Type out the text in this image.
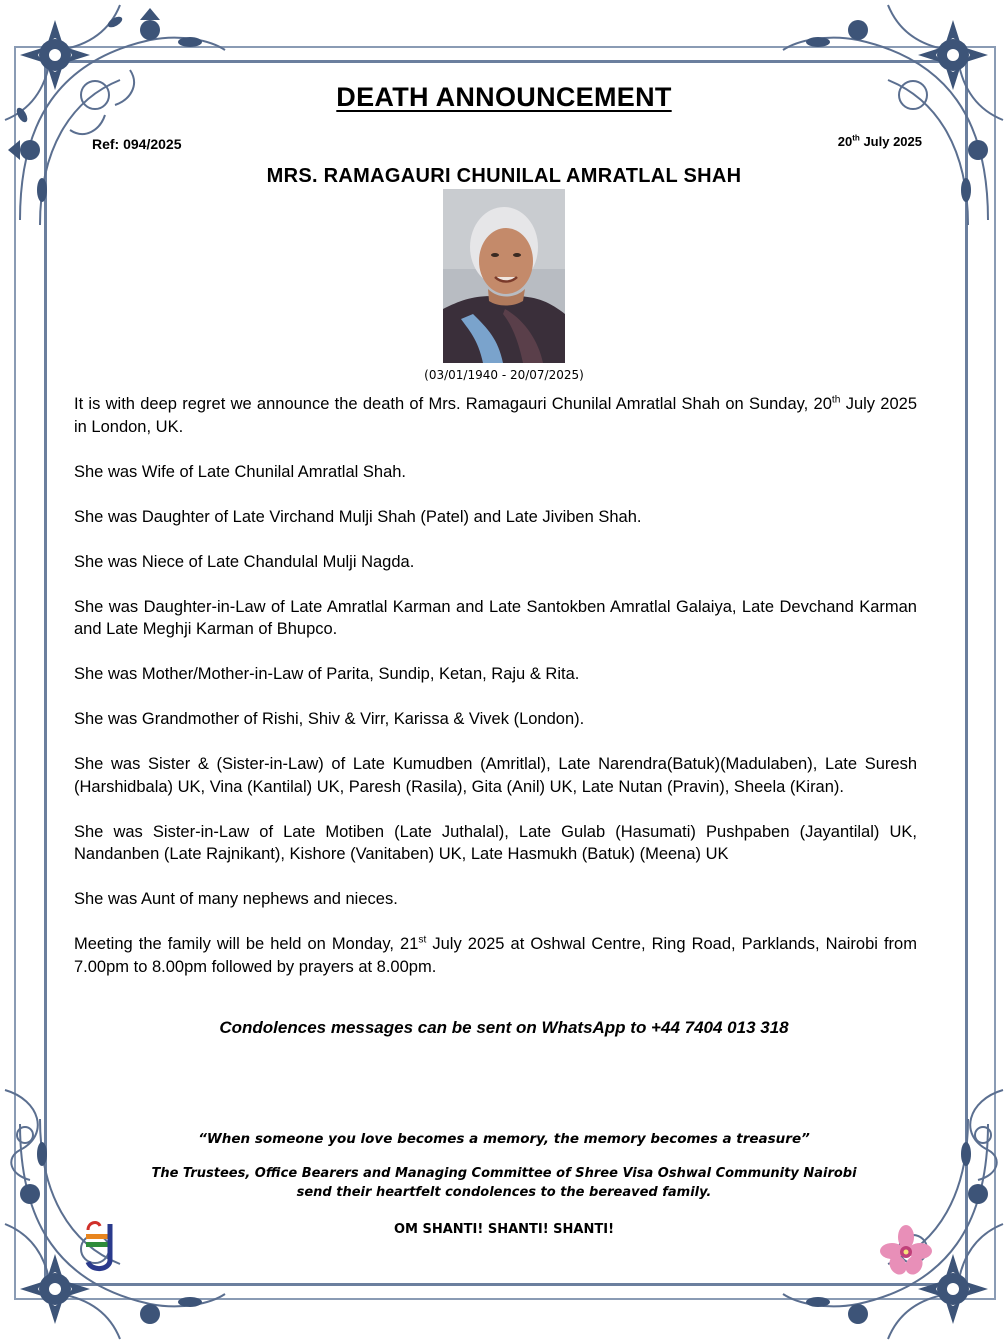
DEATH ANNOUNCEMENT
Ref: 094/2025	20th July 2025
MRS. RAMAGAURI CHUNILAL AMRATLAL SHAH
(03/01/1940 - 20/07/2025)

It is with deep regret we announce the death of Mrs. Ramagauri Chunilal Amratlal Shah on Sunday, 20th July 2025 in London, UK.

She was Wife of Late Chunilal Amratlal Shah.

She was Daughter of Late Virchand Mulji Shah (Patel) and Late Jiviben Shah.

She was Niece of Late Chandulal Mulji Nagda.

She was Daughter-in-Law of Late Amratlal Karman and Late Santokben Amratlal Galaiya, Late Devchand Karman and Late Meghji Karman of Bhupco.

She was Mother/Mother-in-Law of Parita, Sundip, Ketan, Raju & Rita.

She was Grandmother of Rishi, Shiv & Virr, Karissa & Vivek (London).

She was Sister & (Sister-in-Law) of Late Kumudben (Amritlal), Late Narendra(Batuk)(Madulaben), Late Suresh (Harshidbala) UK, Vina (Kantilal) UK, Paresh (Rasila), Gita (Anil) UK, Late Nutan (Pravin), Sheela (Kiran).

She was Sister-in-Law of Late Motiben (Late Juthalal), Late Gulab (Hasumati) Pushpaben (Jayantilal) UK, Nandanben (Late Rajnikant), Kishore (Vanitaben) UK, Late Hasmukh (Batuk) (Meena) UK

She was Aunt of many nephews and nieces.

Meeting the family will be held on Monday, 21st July 2025 at Oshwal Centre, Ring Road, Parklands, Nairobi from 7.00pm to 8.00pm followed by prayers at 8.00pm.

Condolences messages can be sent on WhatsApp to +44 7404 013 318
“When someone you love becomes a memory, the memory becomes a treasure”
The Trustees, Office Bearers and Managing Committee of Shree Visa Oshwal Community Nairobi
send their heartfelt condolences to the bereaved family.
OM SHANTI! SHANTI! SHANTI!
